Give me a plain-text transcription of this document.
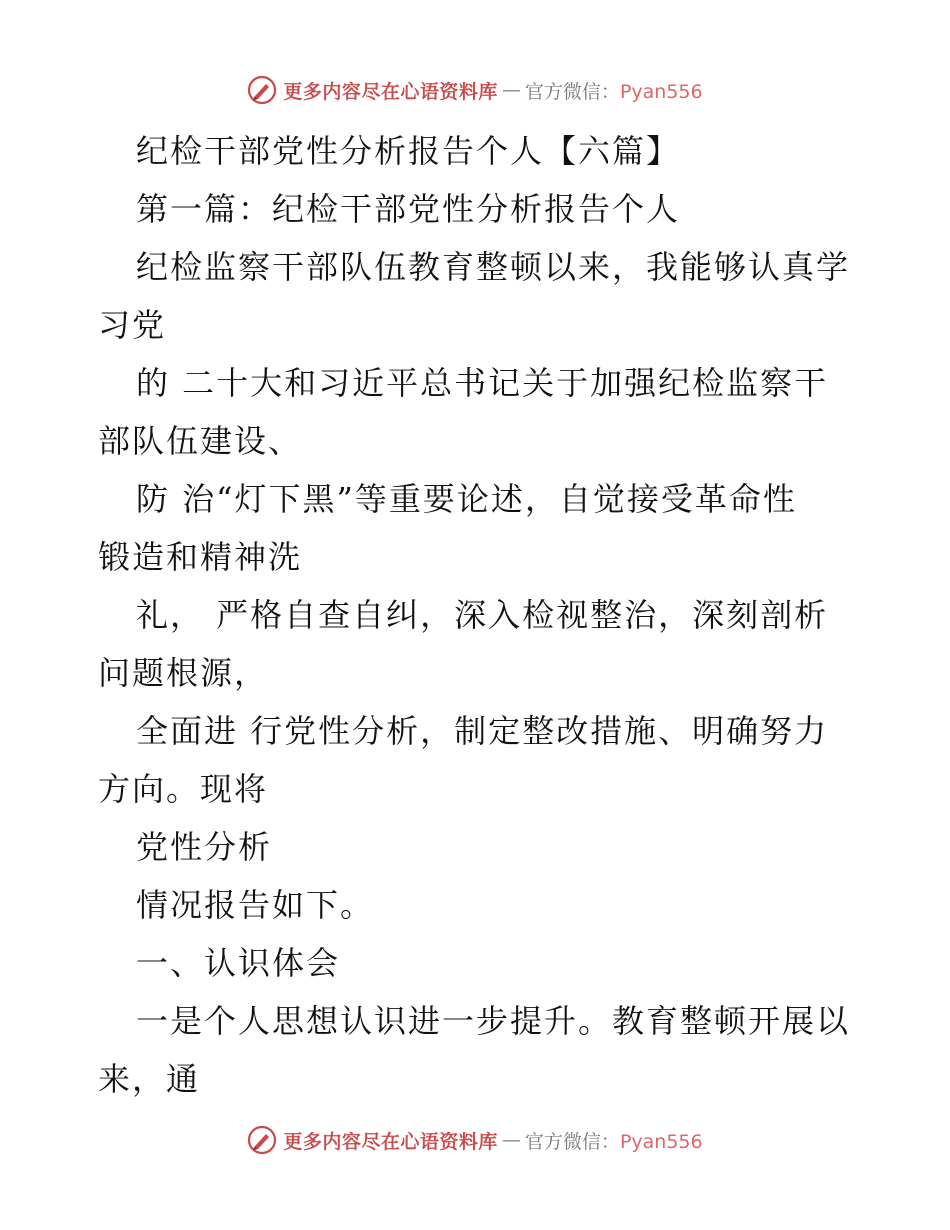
更多内容尽在心语资料库 — 官方微信：Pyan556
纪检干部党性分析报告个人【六篇】
第一篇：纪检干部党性分析报告个人
纪检监察干部队伍教育整顿以来，我能够认真学
习党
的 二十大和习近平总书记关于加强纪检监察干
部队伍建设、
防 治“灯下黑”等重要论述，自觉接受革命性
锻造和精神洗
礼， 严格自查自纠，深入检视整治，深刻剖析
问题根源，
全面进 行党性分析，制定整改措施、明确努力
方向。现将
党性分析
情况报告如下。
一、认识体会
一是个人思想认识进一步提升。教育整顿开展以
来，通
更多内容尽在心语资料库 — 官方微信：Pyan556
